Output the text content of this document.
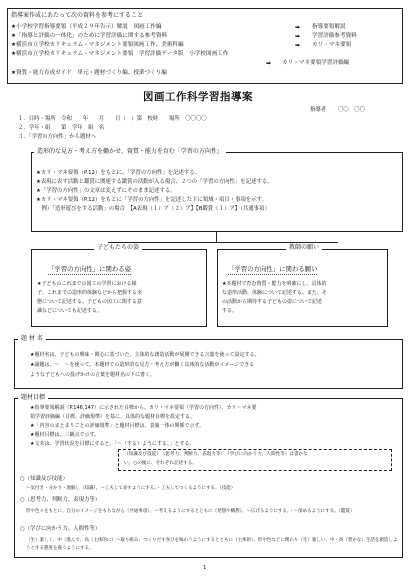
指導案作成にあたって次の資料を参考にすること
★小学校学習指導要領（平成２９年告示）解説　図画工作編	➡ 指導要領解説
★「指導と評価の一体化」のために学習評価に関する参考資料	➡ 学習評価参考資料
★横浜市立学校カリキュラム・マネジメント要領図画工作、美術科編	➡ カリ・マネ要領
★横浜市立学校カリキュラム・マネジメント要領　学習評価データ版　小学校図画工作
➡ カリ・マネ要領学習評価編
★資質・能力育成ガイド　単元・題材づくり編、授業づくり編
図画工作科学習指導案
指導者 〇〇　〇〇
１．日時・場所　令和　　年　　月　　日（　）第　校時　　場所　〇〇〇〇
２．学年・組　　第　学年　組　名
３．「学習の方向性」から題材へ
造形的な見方・考え方を働かせ、資質・能力を育む「学習の方向性」
★カリ・マネ要領（P.12）をもとに、「学習の方向性」を記述する。
★表現に表す活動と鑑賞に関連する鑑賞の活動が入る場合、２つの「学習の方向性」を記述する。
★「学習の方向性」の文章は変えずにそのまま記述する。
★カリ・マネ要領（P.12）をもとに「学習の方向性」を記述した下に領域・項目・事項を示す。
　例）「造形遊びをする活動」の場合　【A表現（１）ア（２）ア】【B鑑賞（１）ア】（共通事項）
子どもたちの姿
「学習の方向性」に関わる姿
★子どものこれまでの図工の学習における様
子、これまでの造形的体験などから把握する実
態について記述する。子どもの図工に関する意
識などについても記述する。
教師の願い
「学習の方向性」に関わる願い
★本題材で育む資質・能力を明確にし、具体的
な造形活動、体験について記述する。また、そ
の活動から期待する子どもの姿について記述
する。
題 材 名
★題材名は、子どもの興味・関心に基づいた、主体的な創造活動が展開できる言葉を使って設定する。
★副題は、～　～を使って、本題材での造形的な見方・考え方が働く具体的な活動がイメージできる
ような子どもへの投げかけの言葉を題材名の下に書く。
題材目標
★指導要領解説（P.146,147）に示された目標から、カリ・マネ要領（学習の方向性）、カリ・マネ要
領学習評価編（目標、評価規準）を基に、具体的な題材目標を設定する。
★「内容のまとまりごとの評価規準」と題材目標は、表裏一体の関係で示す。
★題材目標は、三観点で示す。
★文末は、学習状況を目標にすると、「～（する）ようにする。」とする。
（知識及び技能）　（思考力、判断力、表現力等）　（学びに向かう力、人間性等）は書かな
い。○の後に、それぞれ記述する。
○（知識及び技能）
～気付き・分かり・理解し（知識）、～工夫して表すようにする。・工夫してつくるようにする。（技能）
○（思考力、判断力、表現力等）
形や色々をもとに、自分のイメージをもちながら（共通事項）、～考えるようにするとともに（発想や構想）、～広げるようにする。・～深めるようにする。（鑑賞）
○（学びに向かう力、人間性等）
（生）楽しく、中（進んで、高（主体的に）～取り組み、つくりだす喜びを味わうようにするとともに（主体的）、形や色などに関わり（生）楽しい、中・高（豊かな）生活を創造しようとする態度を養うようにする。
1
